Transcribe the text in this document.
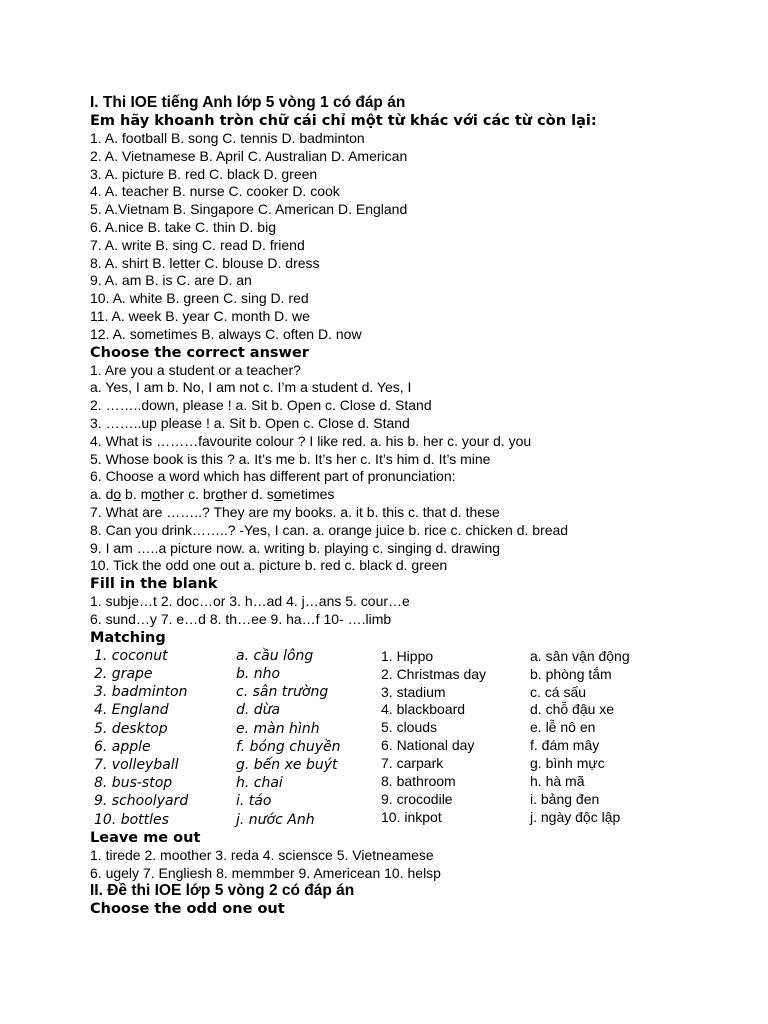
I. Thi IOE tiếng Anh lớp 5 vòng 1 có đáp án
Em hãy khoanh tròn chữ cái chỉ một từ khác với các từ còn lại:
1. A. football B. song C. tennis D. badminton
2. A. Vietnamese B. April C. Australian D. American
3. A. picture B. red C. black D. green
4. A. teacher B. nurse C. cooker D. cook
5. A.Vietnam B. Singapore C. American D. England
6. A.nice B. take C. thin D. big
7. A. write B. sing C. read D. friend
8. A. shirt B. letter C. blouse D. dress
9. A. am B. is C. are D. an
10. A. white B. green C. sing D. red
11. A. week B. year C. month D. we
12. A. sometimes B. always C. often D. now
Choose the correct answer
1. Are you a student or a teacher?
a. Yes, I am b. No, I am not c. I’m a student d. Yes, I
2. ……..down, please ! a. Sit b. Open c. Close d. Stand
3. ……..up please ! a. Sit b. Open c. Close d. Stand
4. What is ………favourite colour ? I like red. a. his b. her c. your d. you
5. Whose book is this ? a. It’s me b. It’s her c. It’s him d. It’s mine
6. Choose a word which has different part of pronunciation:
a. do b. mother c. brother d. sometimes
7. What are ……..? They are my books. a. it b. this c. that d. these
8. Can you drink……..? -Yes, I can. a. orange juice b. rice c. chicken d. bread
9. I am …..a picture now. a. writing b. playing c. singing d. drawing
10. Tick the odd one out a. picture b. red c. black d. green
Fill in the blank
1. subje…t 2. doc…or 3. h…ad 4. j…ans 5. cour…e
6. sund…y 7. e…d 8. th…ee 9. ha…f 10- ….limb
Matching
1. coconut
2. grape
3. badminton
4. England
5. desktop
6. apple
7. volleyball
8. bus-stop
9. schoolyard
10. bottles
a. cầu lông
b. nho
c. sân trường
d. dừa
e. màn hình
f. bóng chuyền
g. bến xe buýt
h. chai
i. táo
j. nước Anh
1. Hippo
2. Christmas day
3. stadium
4. blackboard
5. clouds
6. National day
7. carpark
8. bathroom
9. crocodile
10. inkpot
a. sân vận động
b. phòng tắm
c. cá sấu
d. chỗ đậu xe
e. lễ nô en
f. đám mây
g. bình mực
h. hà mã
i. bảng đen
j. ngày độc lập
Leave me out
1. tirede 2. moother 3. reda 4. sciensce 5. Vietneamese
6. ugely 7. Engliesh 8. memmber 9. Americean 10. helsp
II. Đề thi IOE lớp 5 vòng 2 có đáp án
Choose the odd one out
